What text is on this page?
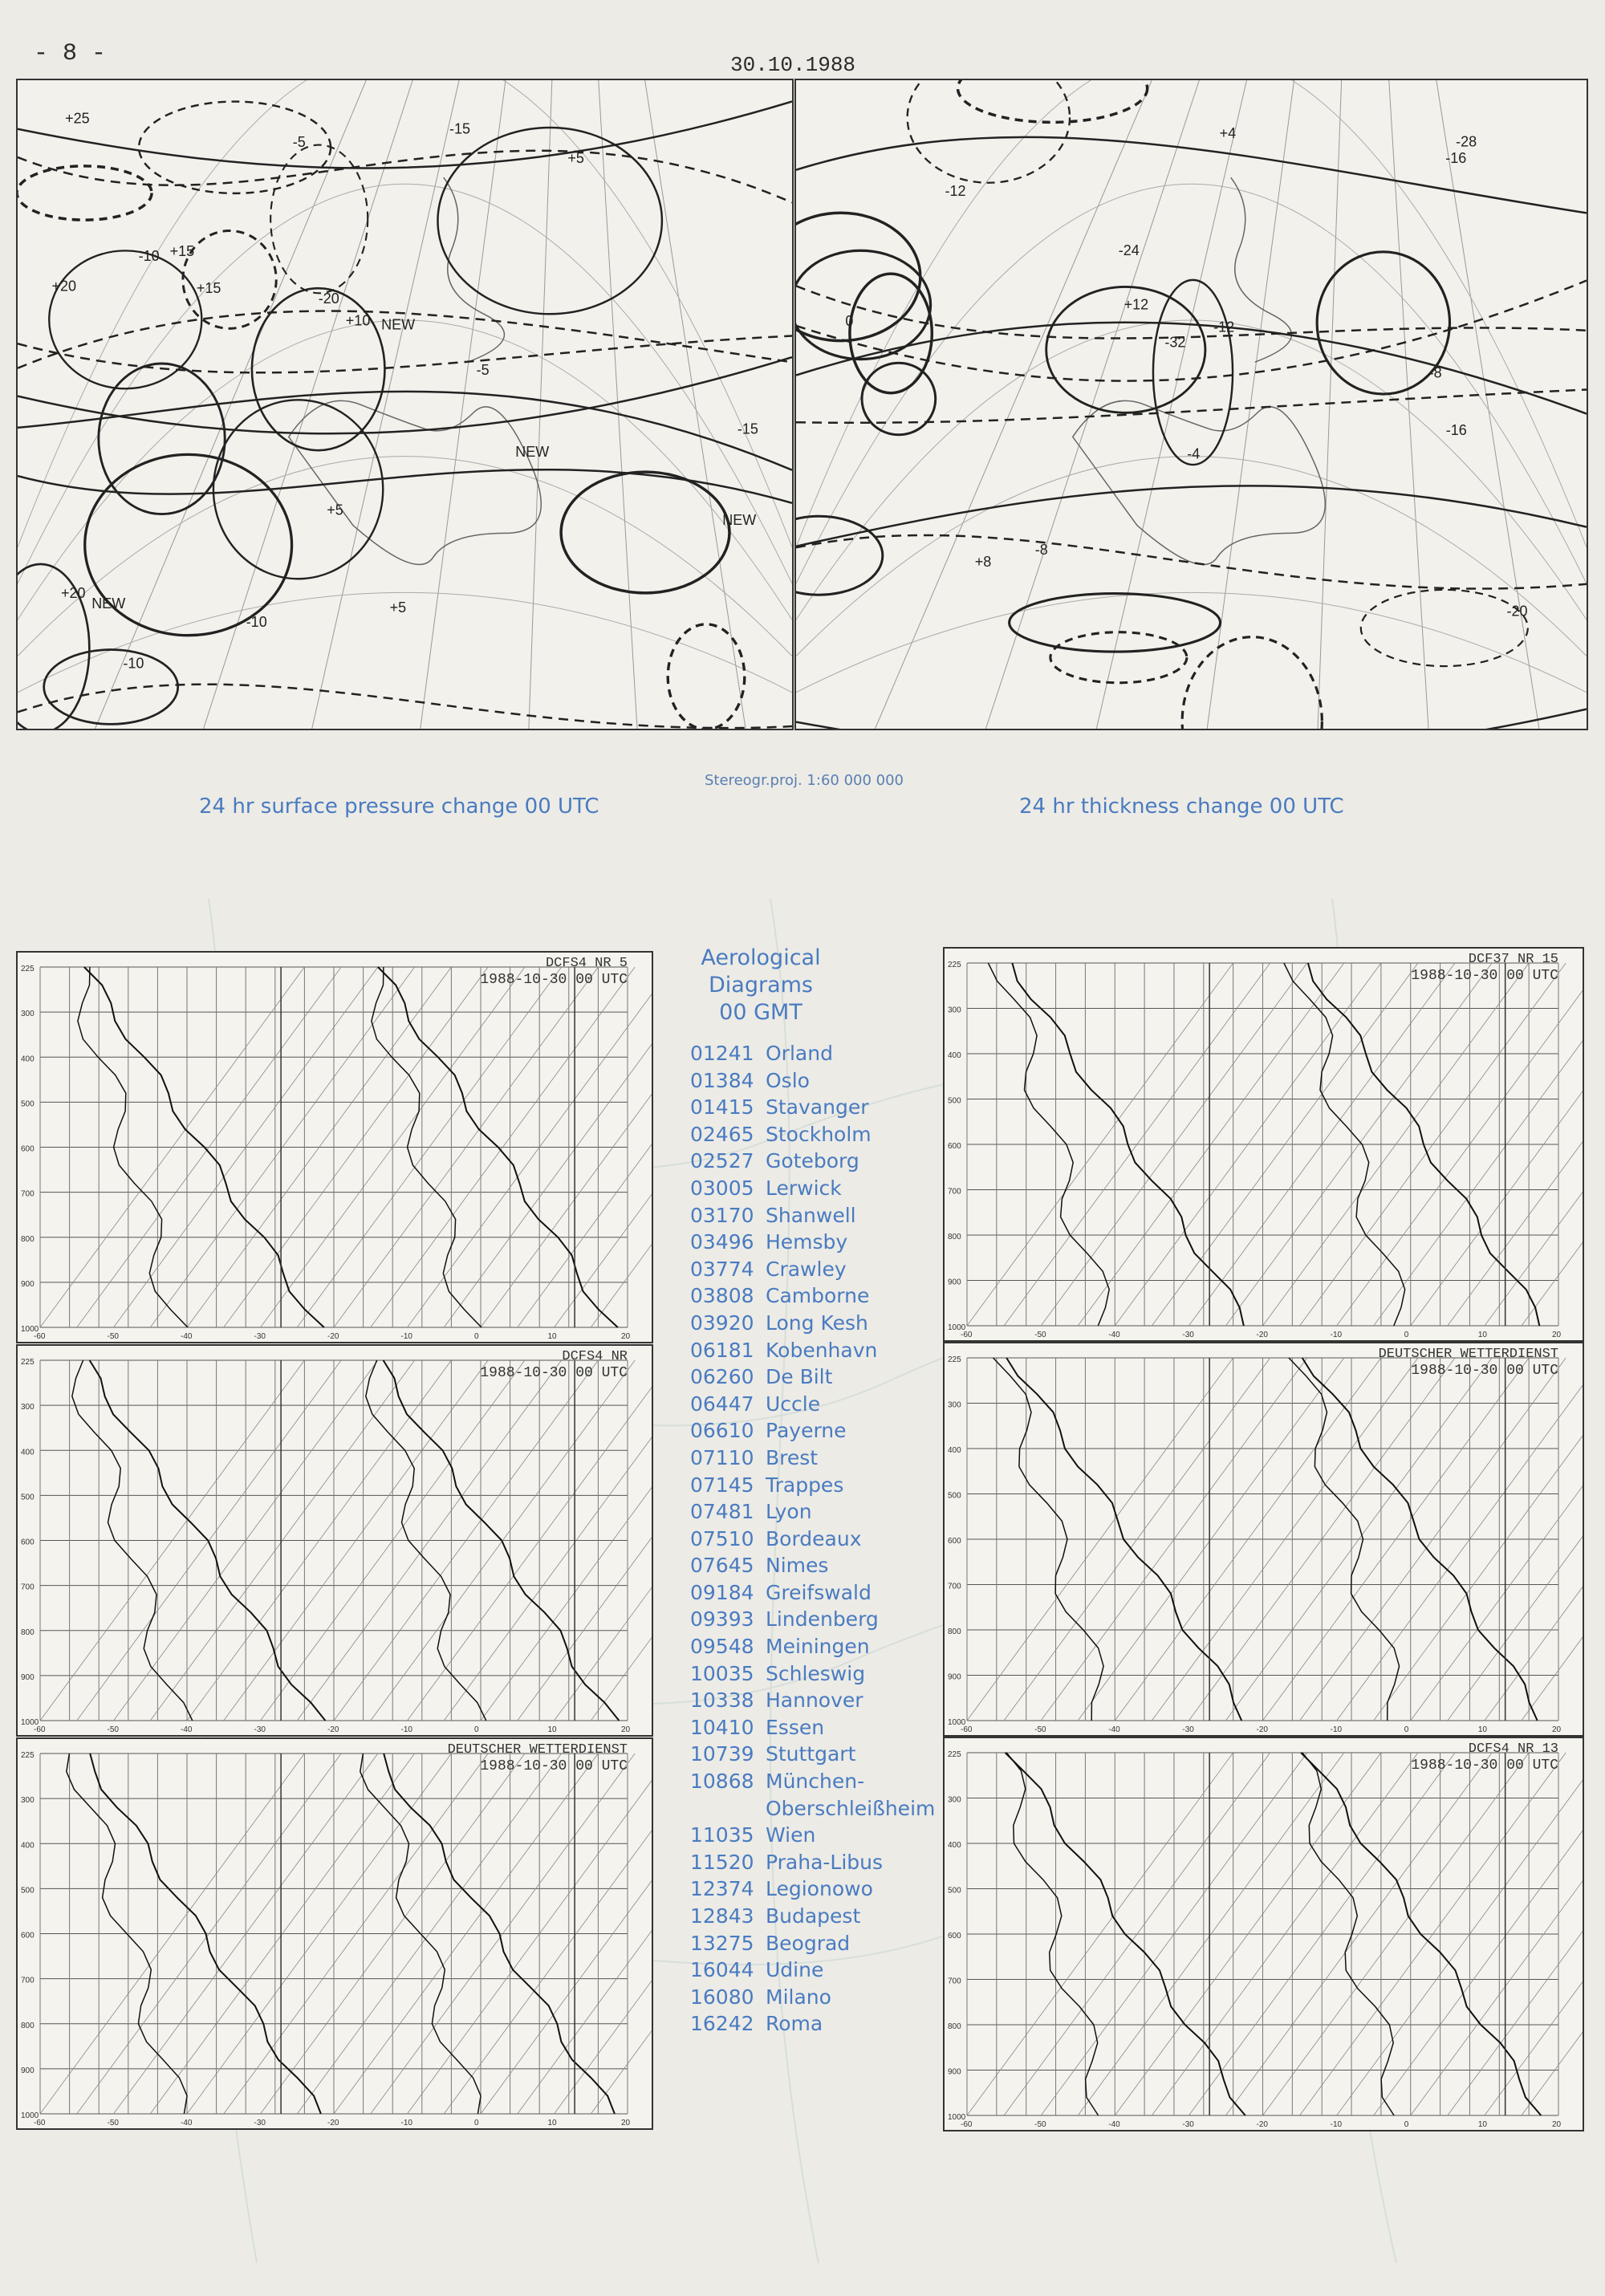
- 8 -	30.10.1988
+20
+15
+5
-10
-15
-5
+10
NEW
+5
-10
NEW
+15
+20
+25
-10
-15
-20
+5
NEW
NEW
-5	-8
-12
-16
+4
+8
+12
-32
-28
-24
-20
-16
-12
-8
-4
0
Stereogr.proj. 1:60 000 000
24 hr surface pressure change 00 UTC	24 hr thickness change 00 UTC
225
300
400
500
600
700
800
900
1000
-60	-50	-40	-30	-20	-10	0	10	20
DCFS4 NR 5
1988-10-30 00 UTC
225
300
400
500
600
700
800
900
1000
-60	-50	-40	-30	-20	-10	0	10	20
DCFS4 NR
1988-10-30 00 UTC
225
300
400
500
600
700
800
900
1000
-60	-50	-40	-30	-20	-10	0	10	20
DEUTSCHER WETTERDIENST
1988-10-30 00 UTC
225
300
400
500
600
700
800
900
1000
-60	-50	-40	-30	-20	-10	0	10	20
DCF37 NR 15
1988-10-30 00 UTC
225
300
400
500
600
700
800
900
1000
-60	-50	-40	-30	-20	-10	0	10	20
DEUTSCHER WETTERDIENST
1988-10-30 00 UTC
225
300
400
500
600
700
800
900
1000
-60	-50	-40	-30	-20	-10	0	10	20
DCFS4 NR 13
1988-10-30 00 UTC
Aerological
Diagrams
00 GMT
01241 Orland
01384 Oslo
01415 Stavanger
02465 Stockholm
02527 Goteborg
03005 Lerwick
03170 Shanwell
03496 Hemsby
03774 Crawley
03808 Camborne
03920 Long Kesh
06181 Kobenhavn
06260 De Bilt
06447 Uccle
06610 Payerne
07110 Brest
07145 Trappes
07481 Lyon
07510 Bordeaux
07645 Nimes
09184 Greifswald
09393 Lindenberg
09548 Meiningen
10035 Schleswig
10338 Hannover
10410 Essen
10739 Stuttgart
10868 München-
Oberschleißheim
11035 Wien
11520 Praha-Libus
12374 Legionowo
12843 Budapest
13275 Beograd
16044 Udine
16080 Milano
16242 Roma
